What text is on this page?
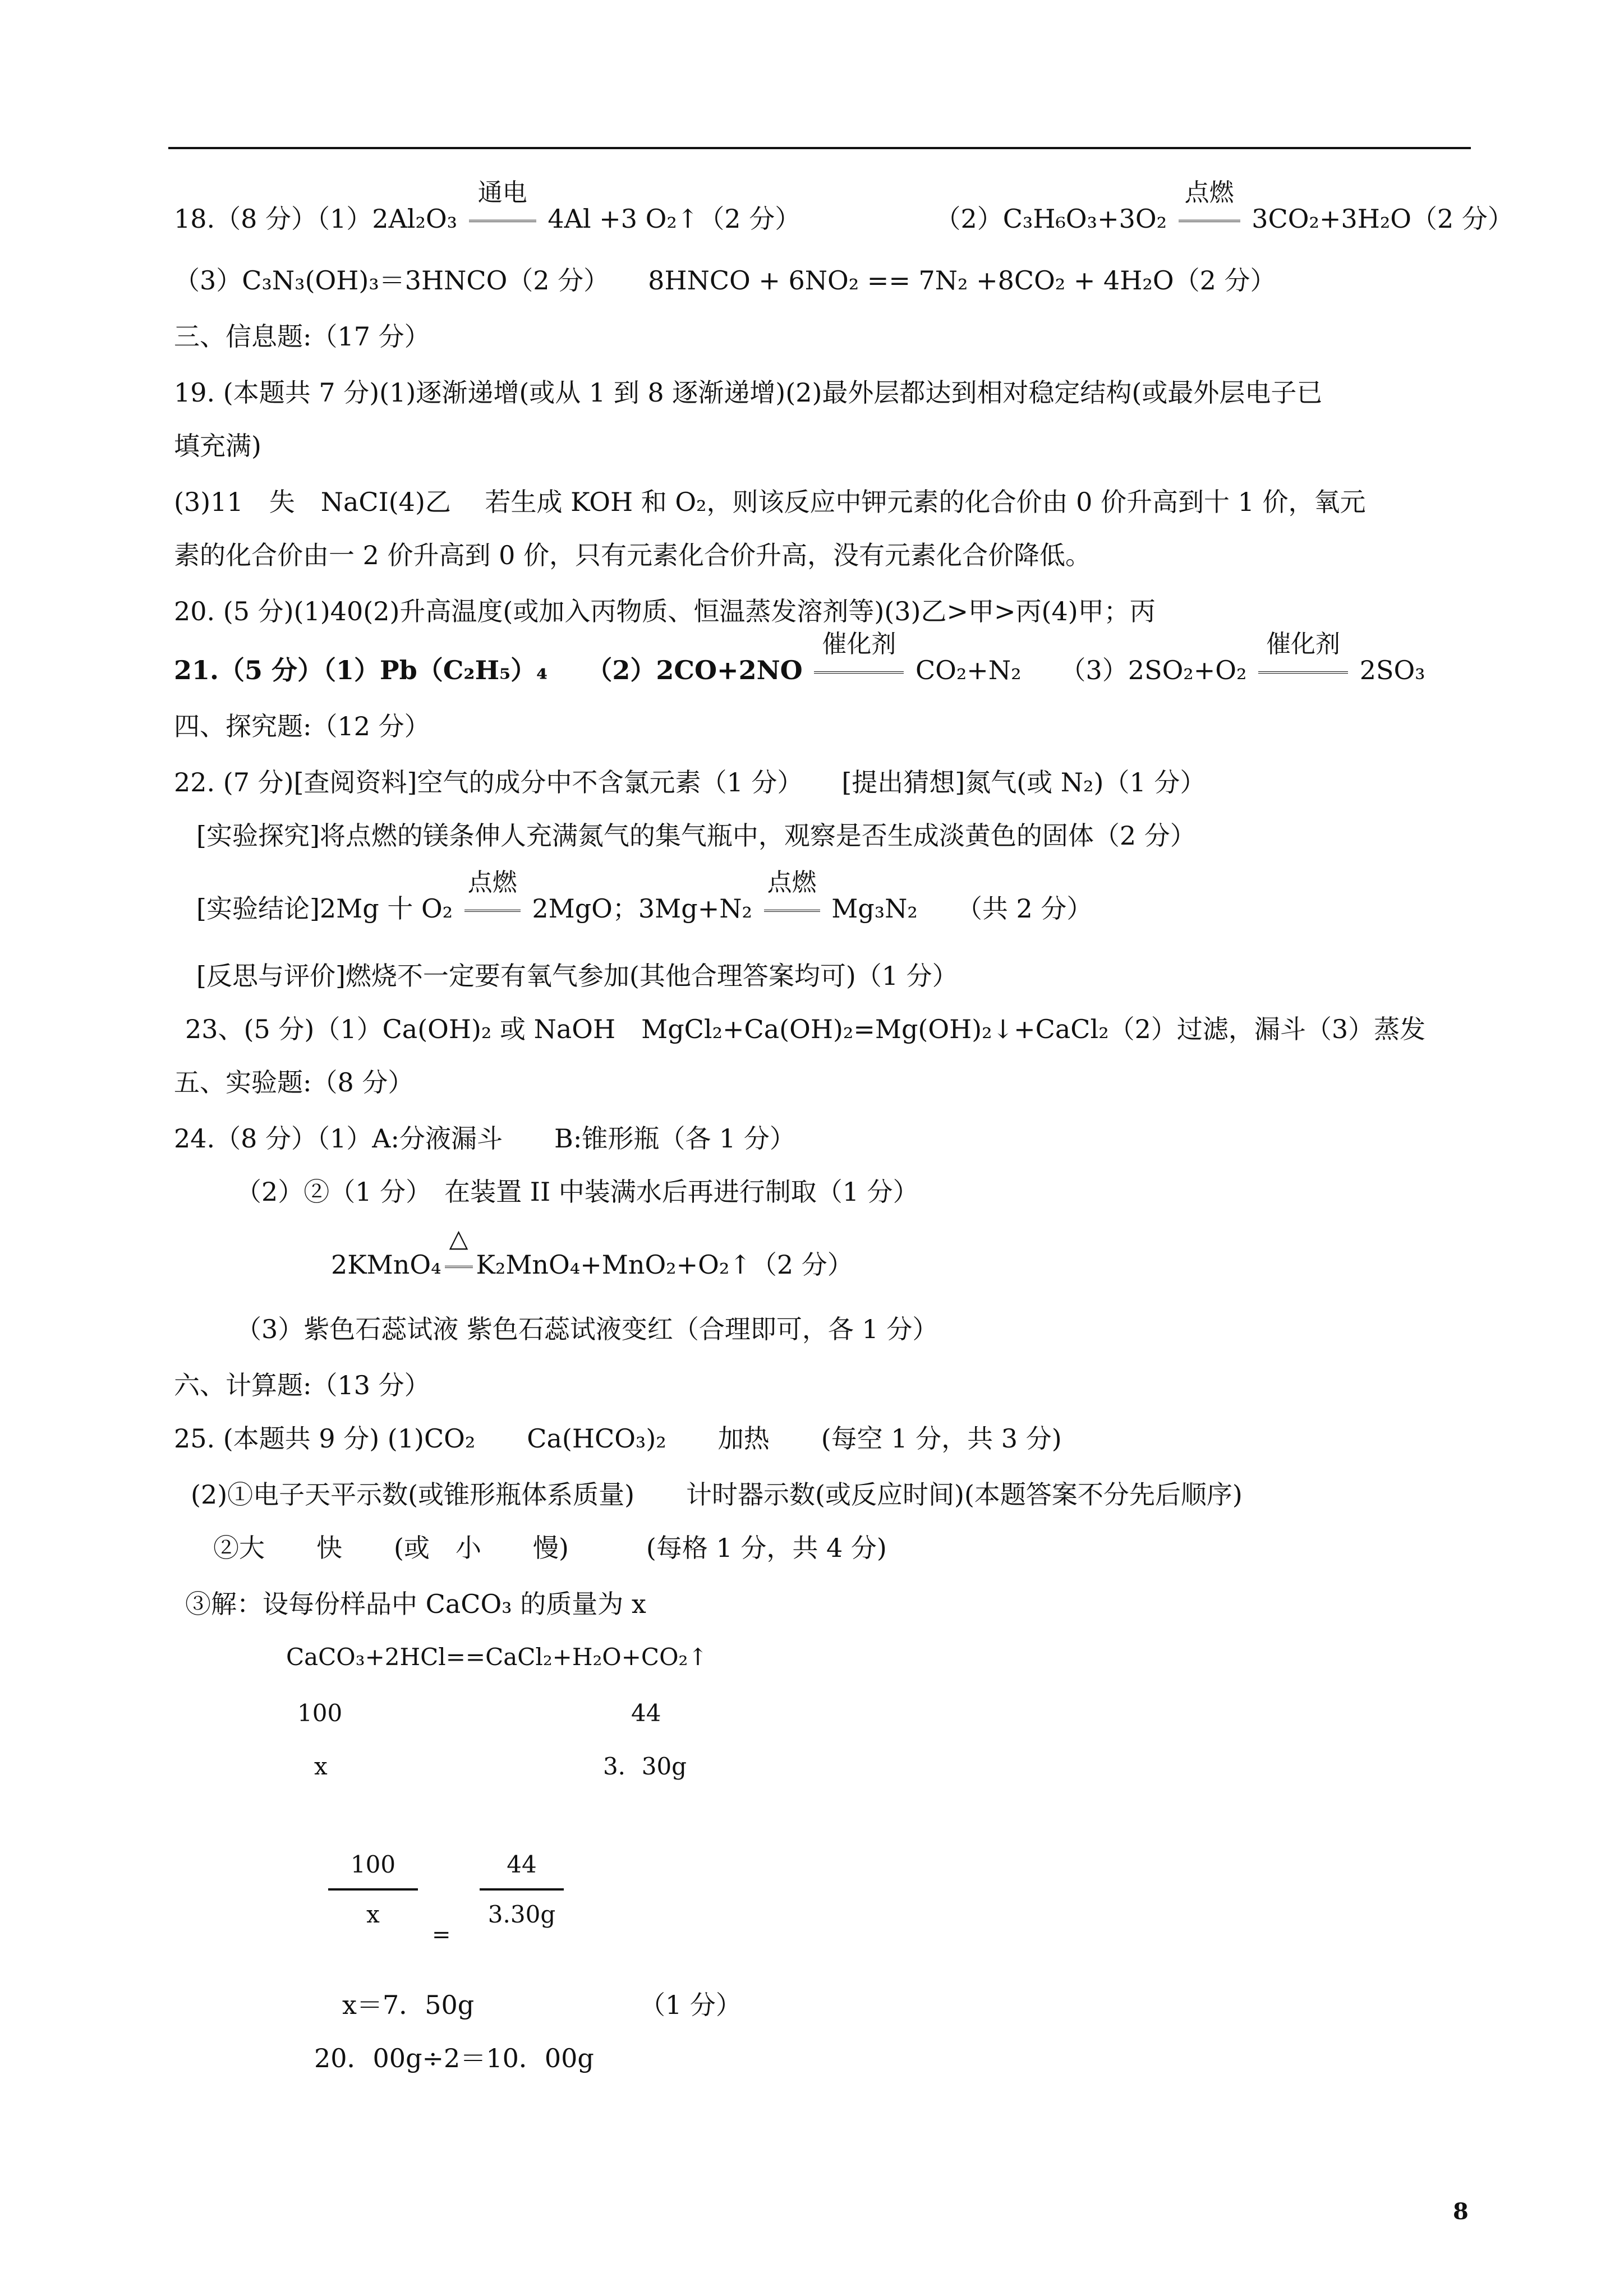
18.（8 分）（1）2Al₂O₃
通电
4Al +3 O₂↑（2 分）	（2）C₃H₆O₃+3O₂
点燃
3CO₂+3H₂O（2 分）
（3）C₃N₃(OH)₃＝3HNCO（2 分）　　8HNCO + 6NO₂ == 7N₂ +8CO₂ + 4H₂O（2 分）
三、信息题:（17 分）
19. (本题共 7 分)(1)逐渐递增(或从 1 到 8 逐渐递增)(2)最外层都达到相对稳定结构(或最外层电子已
填充满)
(3)11　失　NaCI(4)乙　 若生成 KOH 和 O₂，则该反应中钾元素的化合价由 0 价升高到十 1 价，氧元
素的化合价由一 2 价升高到 0 价，只有元素化合价升高，没有元素化合价降低。
20. (5 分)(1)40(2)升高温度(或加入丙物质、恒温蒸发溶剂等)(3)乙>甲>丙(4)甲；丙
21.（5 分）（1）Pb（C₂H₅）₄　　（2）2CO+2NO
催化剂
CO₂+N₂　　（3）2SO₂+O₂
催化剂
2SO₃
四、探究题:（12 分）
22. (7 分)[查阅资料]空气的成分中不含氯元素（1 分）　　[提出猜想]氮气(或 N₂)（1 分）
[实验探究]将点燃的镁条伸人充满氮气的集气瓶中，观察是否生成淡黄色的固体（2 分）
[实验结论]2Mg 十 O₂
点燃
2MgO；3Mg+N₂
点燃
Mg₃N₂　　（共 2 分）
[反思与评价]燃烧不一定要有氧气参加(其他合理答案均可)（1 分）
23、(5 分)（1）Ca(OH)₂ 或 NaOH　MgCl₂+Ca(OH)₂=Mg(OH)₂↓+CaCl₂（2）过滤，漏斗（3）蒸发
五、实验题:（8 分）
24.（8 分）（1）A:分液漏斗　　B:锥形瓶（各 1 分）
（2）②（1 分）　在装置 II 中装满水后再进行制取（1 分）
2KMnO₄
△
K₂MnO₄+MnO₂+O₂↑（2 分）
（3）紫色石蕊试液 紫色石蕊试液变红（合理即可，各 1 分）
六、计算题:（13 分）
25. (本题共 9 分) (1)CO₂　　Ca(HCO₃)₂　　加热　　(每空 1 分，共 3 分)
(2)①电子天平示数(或锥形瓶体系质量)　　计时器示数(或反应时间)(本题答案不分先后顺序)
②大　　快　　(或　小　　慢)　　　(每格 1 分，共 4 分)
③解：设每份样品中 CaCO₃ 的质量为 x
CaCO₃+2HCl==CaCl₂+H₂O+CO₂↑
100	44
x	3．30g
100
x
=
44
3.30g
x＝7．50g	（1 分）
20．00g÷2＝10．00g
8
